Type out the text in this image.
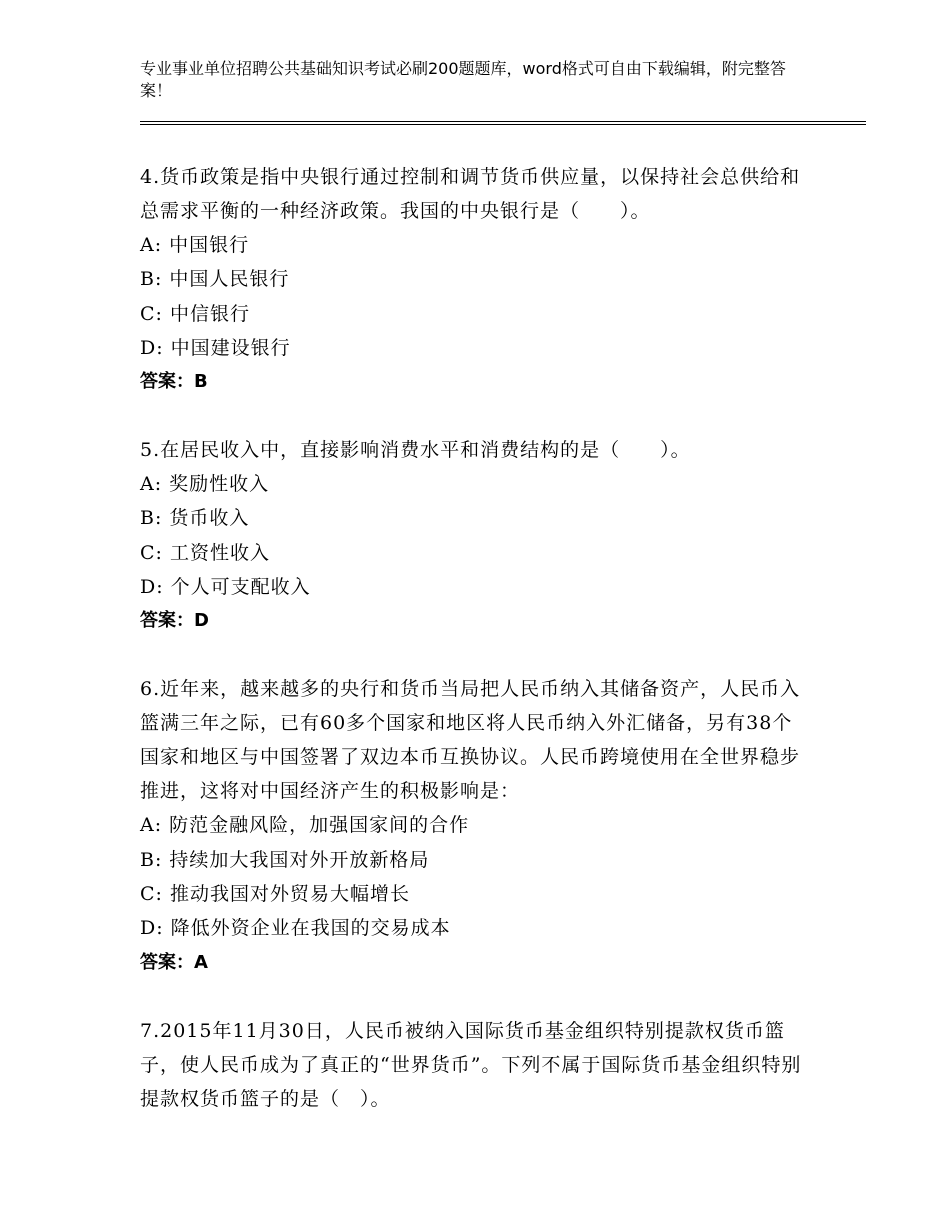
专业事业单位招聘公共基础知识考试必刷200题题库，word格式可自由下载编辑，附完整答案！
4.货币政策是指中央银行通过控制和调节货币供应量，以保持社会总供给和总需求平衡的一种经济政策。我国的中央银行是（　　）。
A: 中国银行
B: 中国人民银行
C: 中信银行
D: 中国建设银行
答案：B
5.在居民收入中，直接影响消费水平和消费结构的是（　　）。
A: 奖励性收入
B: 货币收入
C: 工资性收入
D: 个人可支配收入
答案：D
6.近年来，越来越多的央行和货币当局把人民币纳入其储备资产，人民币入篮满三年之际，已有60多个国家和地区将人民币纳入外汇储备，另有38个国家和地区与中国签署了双边本币互换协议。人民币跨境使用在全世界稳步推进，这将对中国经济产生的积极影响是：
A: 防范金融风险，加强国家间的合作
B: 持续加大我国对外开放新格局
C: 推动我国对外贸易大幅增长
D: 降低外资企业在我国的交易成本
答案：A
7.2015年11月30日，人民币被纳入国际货币基金组织特别提款权货币篮子，使人民币成为了真正的“世界货币”。下列不属于国际货币基金组织特别提款权货币篮子的是（　）。
